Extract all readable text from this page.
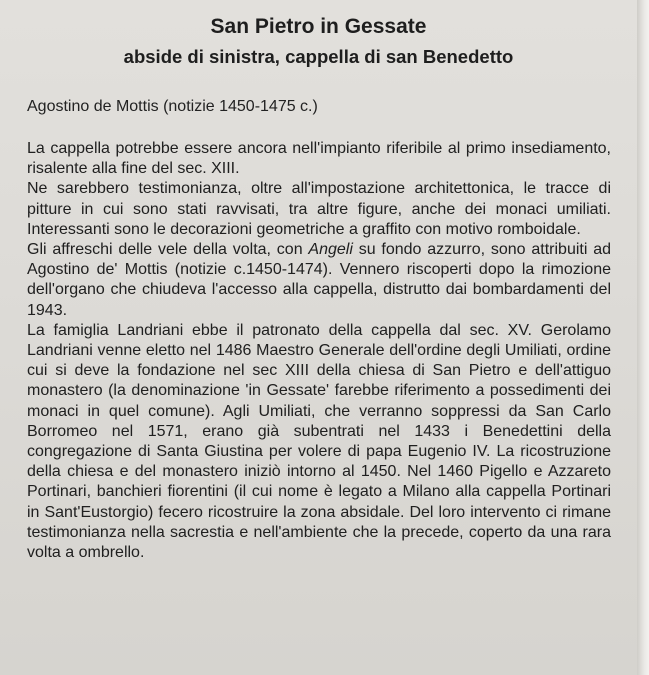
San Pietro in Gessate
abside di sinistra, cappella di san Benedetto

Agostino de Mottis (notizie 1450-1475 c.)

La cappella potrebbe essere ancora nell'impianto riferibile al primo insediamento, risalente alla fine del sec. XIII.

Ne sarebbero testimonianza, oltre all'impostazione architettonica, le tracce di pitture in cui sono stati ravvisati, tra altre figure, anche dei monaci umiliati. Interessanti sono le decorazioni geometriche a graffito con motivo romboidale.

Gli affreschi delle vele della volta, con Angeli su fondo azzurro, sono attribuiti ad Agostino de' Mottis (notizie c.1450-1474). Vennero riscoperti dopo la rimozione dell'organo che chiudeva l'accesso alla cappella, distrutto dai bombardamenti del 1943.

La famiglia Landriani ebbe il patronato della cappella dal sec. XV. Gerolamo Landriani venne eletto nel 1486 Maestro Generale dell'ordine degli Umiliati, ordine cui si deve la fondazione nel sec XIII della chiesa di San Pietro e dell'attiguo monastero (la denominazione 'in Gessate' farebbe riferimento a possedimenti dei monaci in quel comune). Agli Umiliati, che verranno soppressi da San Carlo Borromeo nel 1571, erano già subentrati nel 1433 i Benedettini della congregazione di Santa Giustina per volere di papa Eugenio IV. La ricostruzione della chiesa e del monastero iniziò intorno al 1450. Nel 1460 Pigello e Azzareto Portinari, banchieri fiorentini (il cui nome è legato a Milano alla cappella Portinari in Sant'Eustorgio) fecero ricostruire la zona absidale. Del loro intervento ci rimane testimonianza nella sacrestia e nell'ambiente che la precede, coperto da una rara volta a ombrello.
